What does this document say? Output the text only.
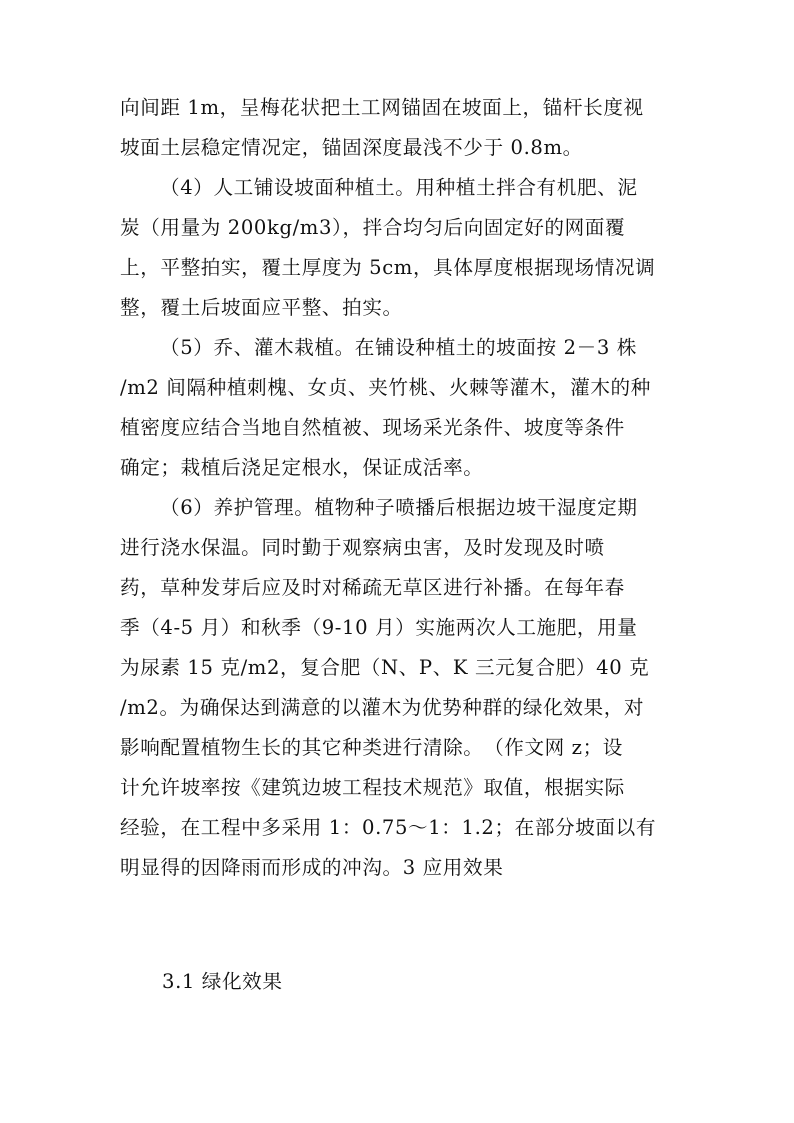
向间距 1m，呈梅花状把土工网锚固在坡面上，锚杆长度视
坡面土层稳定情况定，锚固深度最浅不少于 0.8m。
（4）人工铺设坡面种植土。用种植土拌合有机肥、泥
炭（用量为 200kg/m3），拌合均匀后向固定好的网面覆
上，平整拍实，覆土厚度为 5cm，具体厚度根据现场情况调
整，覆土后坡面应平整、拍实。
（5）乔、灌木栽植。在铺设种植土的坡面按 2－3 株
/m2 间隔种植刺槐、女贞、夹竹桃、火棘等灌木，灌木的种
植密度应结合当地自然植被、现场采光条件、坡度等条件
确定；栽植后浇足定根水，保证成活率。
（6）养护管理。植物种子喷播后根据边坡干湿度定期
进行浇水保温。同时勤于观察病虫害，及时发现及时喷
药，草种发芽后应及时对稀疏无草区进行补播。在每年春
季（4-5 月）和秋季（9-10 月）实施两次人工施肥，用量
为尿素 15 克/m2，复合肥（N、P、K 三元复合肥）40 克
/m2。为确保达到满意的以灌木为优势种群的绿化效果，对
影响配置植物生长的其它种类进行清除。　（作文网 z；设
计允许坡率按《建筑边坡工程技术规范》取值，根据实际
经验，在工程中多采用 1：0.75～1：1.2；在部分坡面以有
明显得的因降雨而形成的冲沟。3 应用效果
3.1 绿化效果
